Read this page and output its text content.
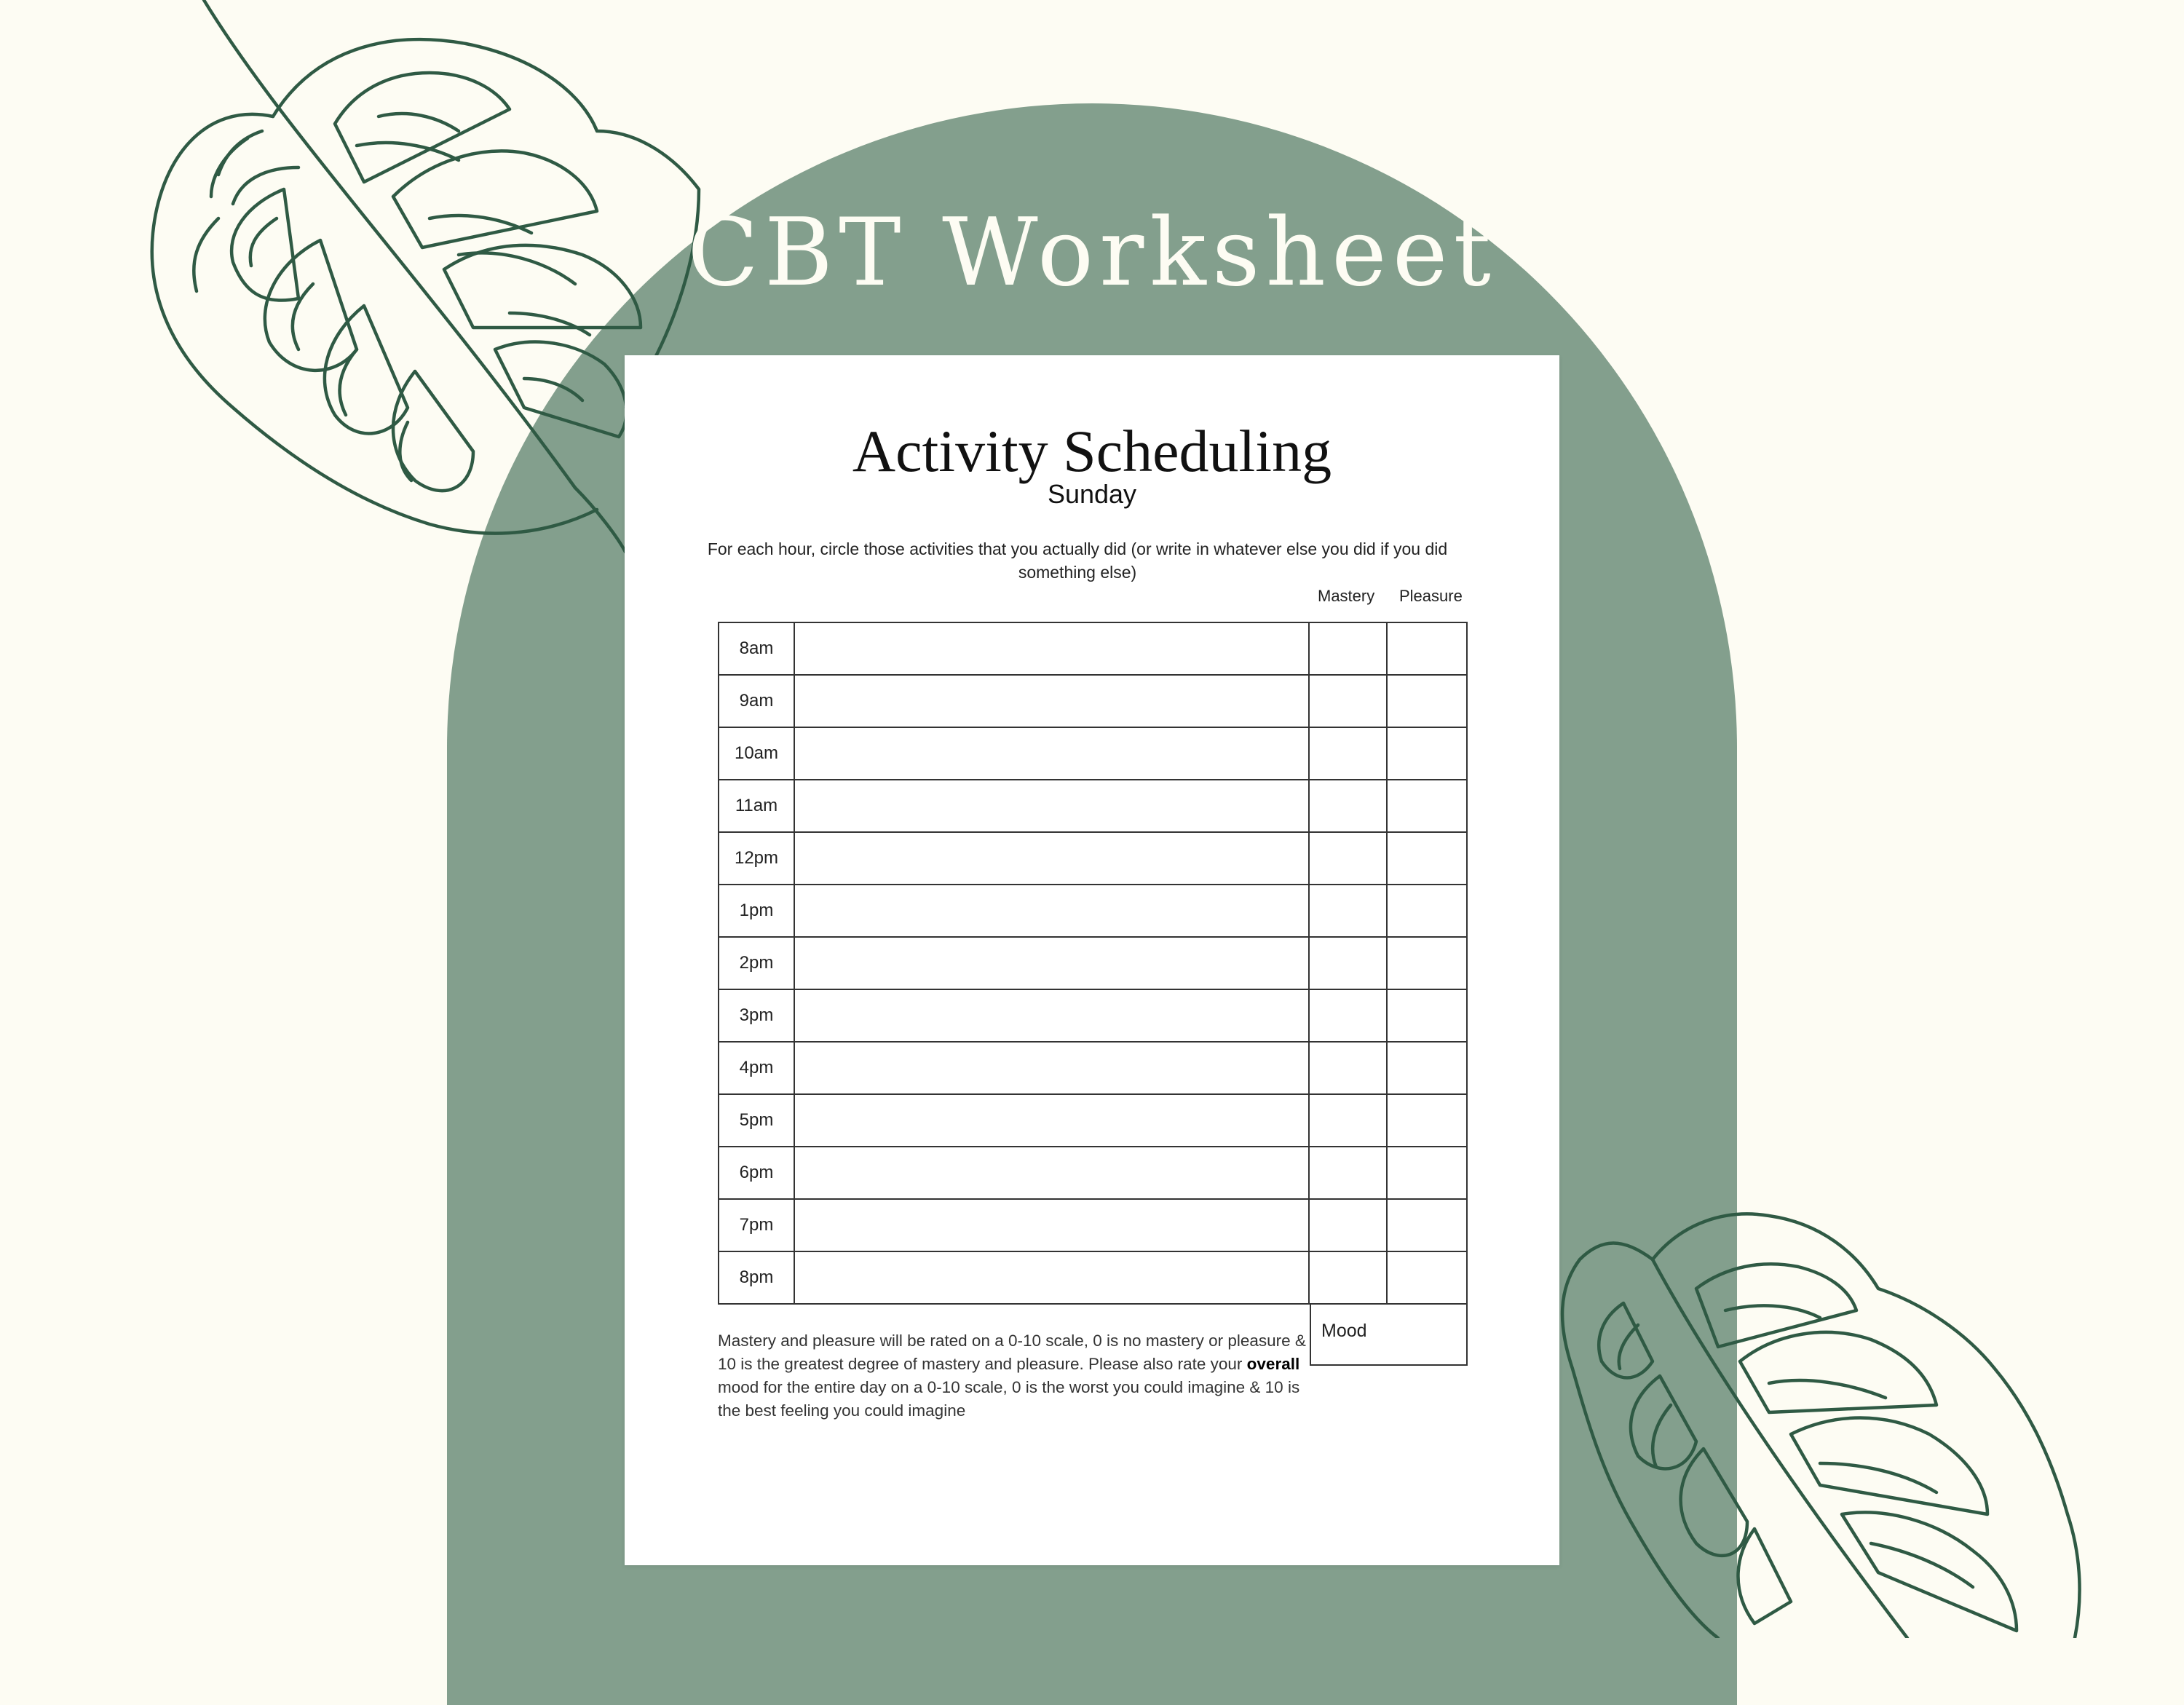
CBT Worksheet
Activity Scheduling
Sunday
For each hour, circle those activities that you actually did (or write in whatever else you did if you did something else)
Mastery Pleasure
8am
9am
10am
11am
12pm
1pm
2pm
3pm
4pm
5pm
6pm
7pm
8pm
Mastery and pleasure will be rated on a 0-10 scale, 0 is no mastery or pleasure & 10 is the greatest degree of mastery and pleasure. Please also rate your overall mood for the entire day on a 0-10 scale, 0 is the worst you could imagine & 10 is the best feeling you could imagine
Mood
